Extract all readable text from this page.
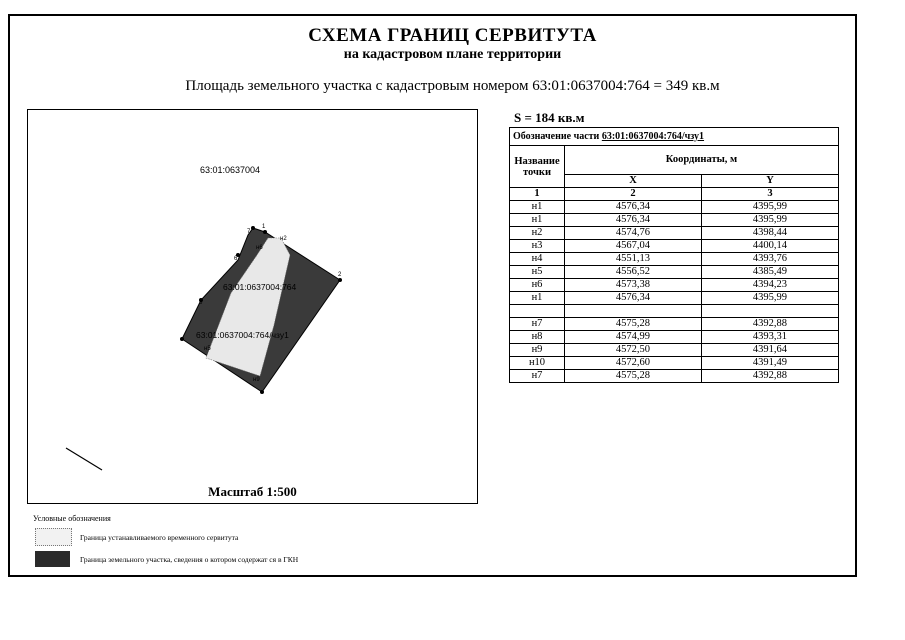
СХЕМА ГРАНИЦ СЕРВИТУТА
на кадастровом плане территории
Площадь земельного участка с кадастровым номером 63:01:0637004:764 = 349 кв.м
63:01:0637004
63:01:0637004:764
63:01:0637004:764/чзу1
1
2
7
н2
н6
н5
н9
5
6
Масштаб 1:500
S = 184 кв.м
Обозначение части 63:01:0637004:764/чзу1		
Название точки	Координаты, м	
	X	Y
1	2	3
н1	4576,34	4395,99
н1	4576,34	4395,99
н2	4574,76	4398,44
н3	4567,04	4400,14
н4	4551,13	4393,76
н5	4556,52	4385,49
н6	4573,38	4394,23
н1	4576,34	4395,99

н7	4575,28	4392,88
н8	4574,99	4393,31
н9	4572,50	4391,64
н10	4572,60	4391,49
н7	4575,28	4392,88
Условные обозначения
Граница устанавливаемого временного сервитута
Граница земельного участка, сведения о котором содержат ся в ГКН
